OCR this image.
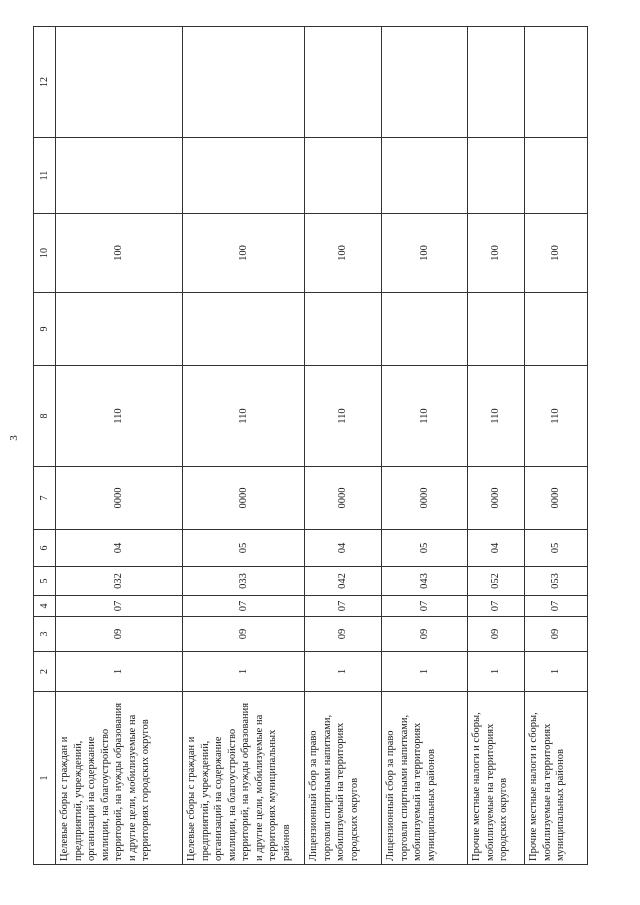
3
1	2	3	4	5	6	7	8	9	10	11	12
Целевые сборы с граждан и предприятий, учреждений, организаций на содержание милиции, на благоустройство территорий, на нужды образования и другие цели, мобилизуемые на территориях городских округов	1	09	07	032	04	0000	110		100		
Целевые сборы с граждан и предприятий, учреждений, организаций на содержание милиции, на благоустройство территорий, на нужды образования и другие цели, мобилизуемые на территориях муниципальных районов	1	09	07	033	05	0000	110		100		
Лицензионный сбор за право торговли спиртными напитками, мобилизуемый на территориях городских округов	1	09	07	042	04	0000	110		100		
Лицензионный сбор за право торговли спиртными напитками, мобилизуемый на территориях муниципальных районов	1	09	07	043	05	0000	110		100		
Прочие местные налоги и сборы, мобилизуемые на территориях городских округов	1	09	07	052	04	0000	110		100		
Прочие местные налоги и сборы, мобилизуемые на территориях муниципальных районов	1	09	07	053	05	0000	110		100		
